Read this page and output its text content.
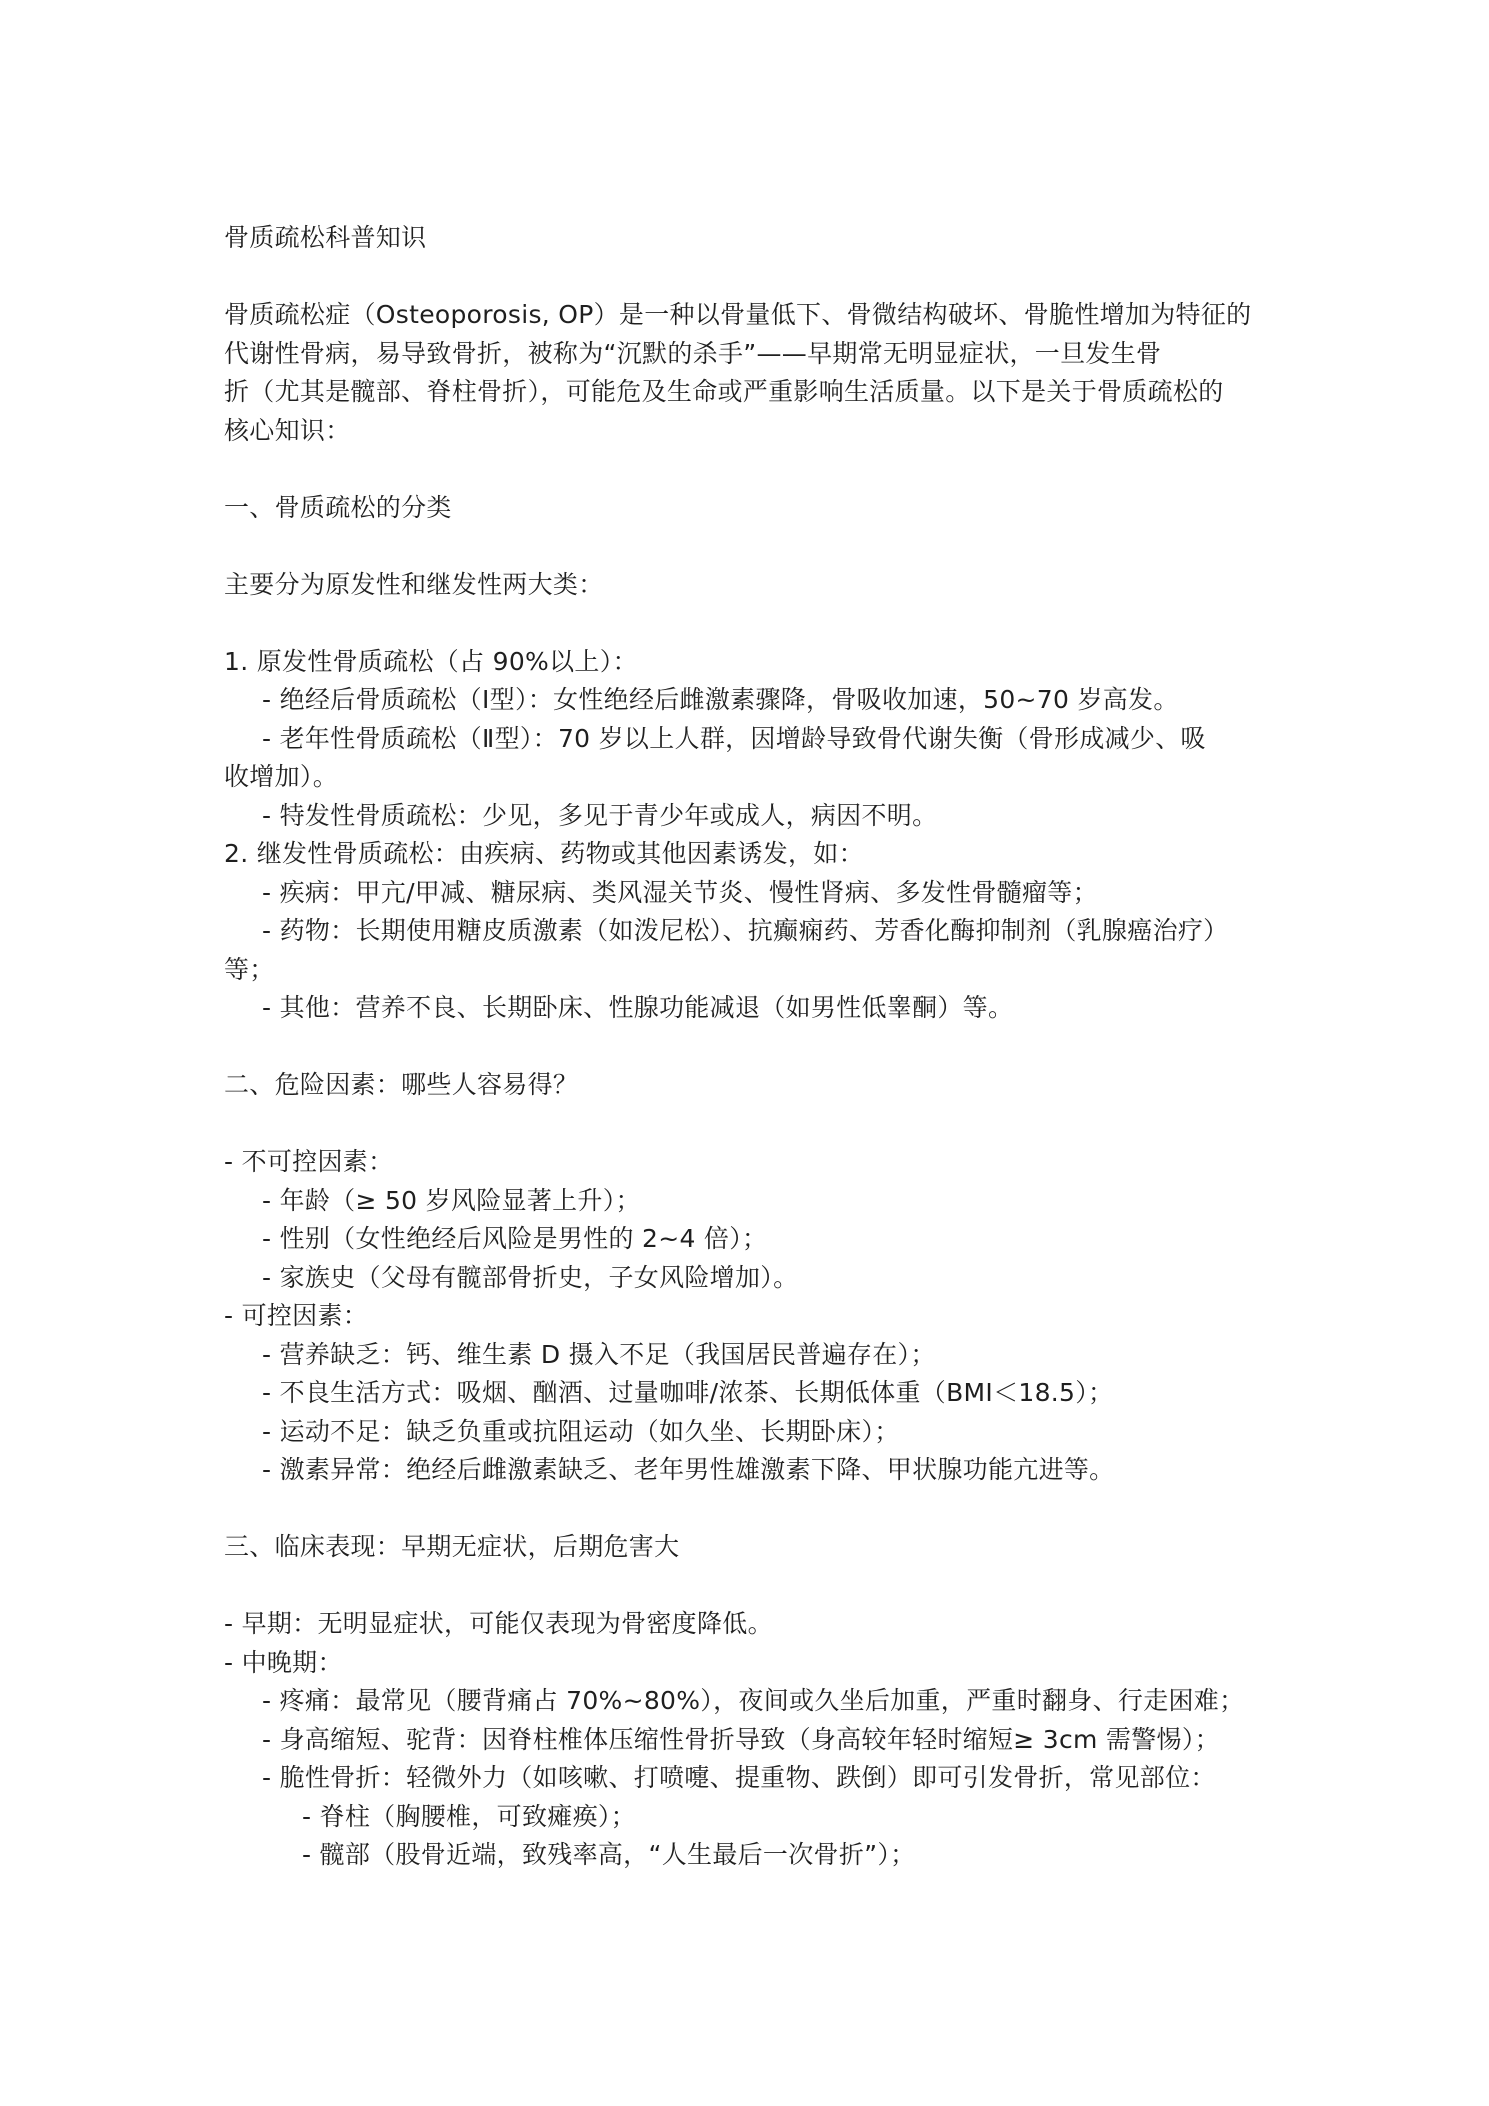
骨质疏松科普知识
骨质疏松症（Osteoporosis, OP）是一种以骨量低下、骨微结构破坏、骨脆性增加为特征的
代谢性骨病，易导致骨折，被称为“沉默的杀手”——早期常无明显症状，一旦发生骨
折（尤其是髋部、脊柱骨折），可能危及生命或严重影响生活质量。以下是关于骨质疏松的
核心知识：
一、骨质疏松的分类
主要分为原发性和继发性两大类：
1. 原发性骨质疏松（占 90%以上）：
- 绝经后骨质疏松（Ⅰ型）：女性绝经后雌激素骤降，骨吸收加速，50~70 岁高发。
- 老年性骨质疏松（Ⅱ型）：70 岁以上人群，因增龄导致骨代谢失衡（骨形成减少、吸
收增加）。
- 特发性骨质疏松：少见，多见于青少年或成人，病因不明。
2. 继发性骨质疏松：由疾病、药物或其他因素诱发，如：
- 疾病：甲亢/甲减、糖尿病、类风湿关节炎、慢性肾病、多发性骨髓瘤等；
- 药物：长期使用糖皮质激素（如泼尼松）、抗癫痫药、芳香化酶抑制剂（乳腺癌治疗）
等；
- 其他：营养不良、长期卧床、性腺功能减退（如男性低睾酮）等。
二、危险因素：哪些人容易得？
- 不可控因素：
- 年龄（≥ 50 岁风险显著上升）；
- 性别（女性绝经后风险是男性的 2~4 倍）；
- 家族史（父母有髋部骨折史，子女风险增加）。
- 可控因素：
- 营养缺乏：钙、维生素 D 摄入不足（我国居民普遍存在）；
- 不良生活方式：吸烟、酗酒、过量咖啡/浓茶、长期低体重（BMI＜18.5）；
- 运动不足：缺乏负重或抗阻运动（如久坐、长期卧床）；
- 激素异常：绝经后雌激素缺乏、老年男性雄激素下降、甲状腺功能亢进等。
三、临床表现：早期无症状，后期危害大
- 早期：无明显症状，可能仅表现为骨密度降低。
- 中晚期：
- 疼痛：最常见（腰背痛占 70%~80%），夜间或久坐后加重，严重时翻身、行走困难；
- 身高缩短、驼背：因脊柱椎体压缩性骨折导致（身高较年轻时缩短≥ 3cm 需警惕）；
- 脆性骨折：轻微外力（如咳嗽、打喷嚏、提重物、跌倒）即可引发骨折，常见部位：
- 脊柱（胸腰椎，可致瘫痪）；
- 髋部（股骨近端，致残率高，“人生最后一次骨折”）；
